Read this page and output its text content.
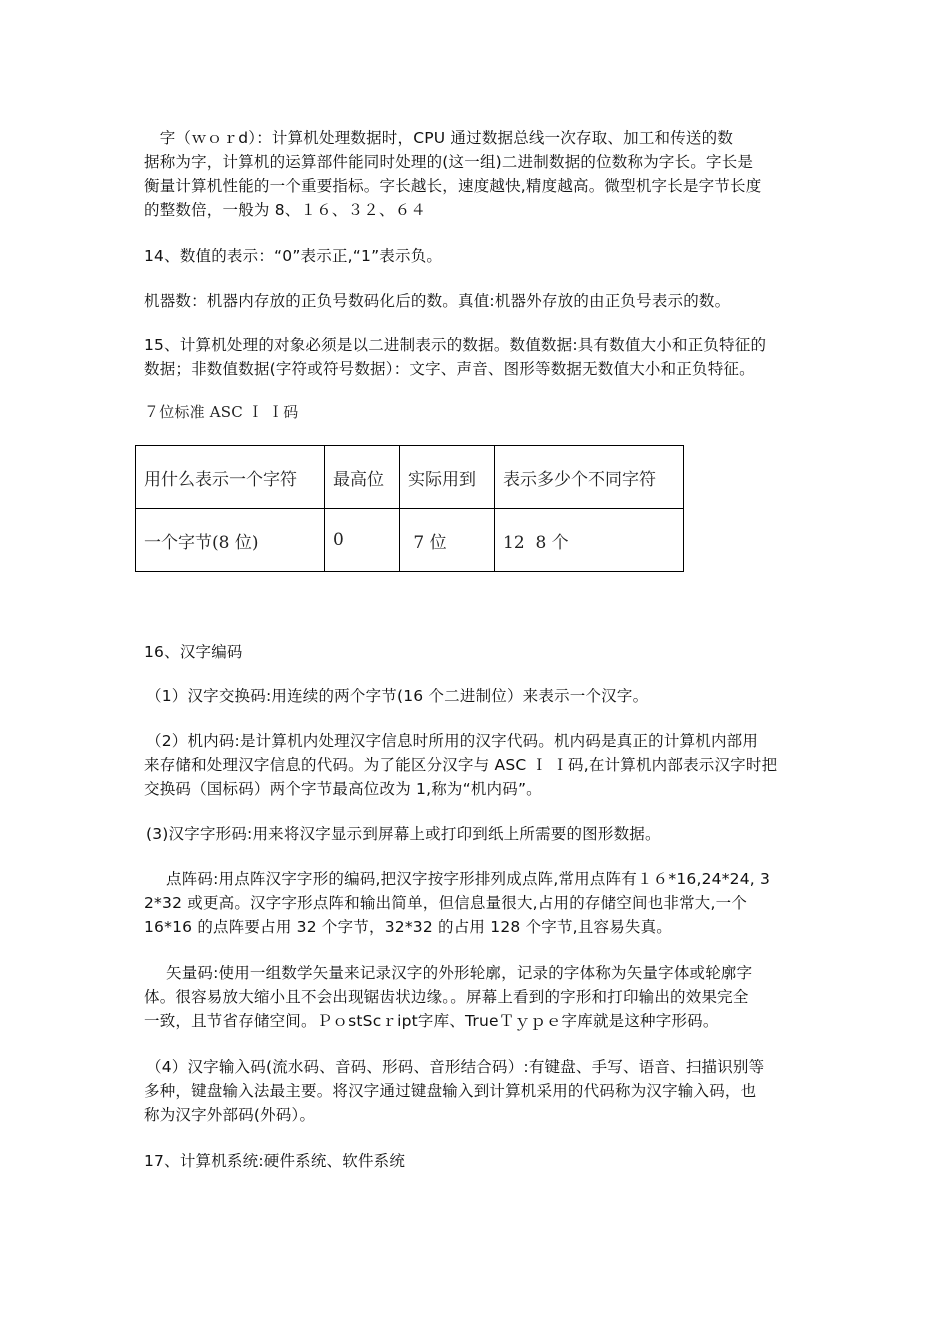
　字（ｗｏｒd）：计算机处理数据时，CPU 通过数据总线一次存取、加工和传送的数
据称为字，计算机的运算部件能同时处理的(这一组)二进制数据的位数称为字长。字长是
衡量计算机性能的一个重要指标。字长越长，速度越快,精度越高。微型机字长是字节长度
的整数倍，一般为 8、１６、３２、６４
14、数值的表示：“0”表示正,“1”表示负。
机器数：机器内存放的正负号数码化后的数。真值:机器外存放的由正负号表示的数。
15、计算机处理的对象必须是以二进制表示的数据。数值数据:具有数值大小和正负特征的
数据；非数值数据(字符或符号数据）：文字、声音、图形等数据无数值大小和正负特征。
７位标准 ASC Ｉ Ｉ码
用什么表示一个字符	最高位	实际用到	表示多少个不同字符
一个字节(8 位)	0	7 位	12  8 个
16、汉字编码
（1）汉字交换码:用连续的两个字节(16 个二进制位）来表示一个汉字。
（2）机内码:是计算机内处理汉字信息时所用的汉字代码。机内码是真正的计算机内部用
来存储和处理汉字信息的代码。为了能区分汉字与 ASC Ｉ Ｉ码,在计算机内部表示汉字时把
交换码（国标码）两个字节最高位改为 1,称为“机内码”。
(3)汉字字形码:用来将汉字显示到屏幕上或打印到纸上所需要的图形数据。
点阵码:用点阵汉字字形的编码,把汉字按字形排列成点阵,常用点阵有１６*16,24*24, 3
2*32 或更高。汉字字形点阵和输出简单，但信息量很大,占用的存储空间也非常大,一个
16*16 的点阵要占用 32 个字节，32*32 的占用 128 个字节,且容易失真。
矢量码:使用一组数学矢量来记录汉字的外形轮廓，记录的字体称为矢量字体或轮廓字
体。很容易放大缩小且不会出现锯齿状边缘。。屏幕上看到的字形和打印输出的效果完全
一致，且节省存储空间。ＰｏstScｒipt字库、TrueＴｙｐｅ字库就是这种字形码。
（4）汉字输入码(流水码、音码、形码、音形结合码）:有键盘、手写、语音、扫描识别等
多种，键盘输入法最主要。将汉字通过键盘输入到计算机采用的代码称为汉字输入码，也
称为汉字外部码(外码）。
17、计算机系统:硬件系统、软件系统
